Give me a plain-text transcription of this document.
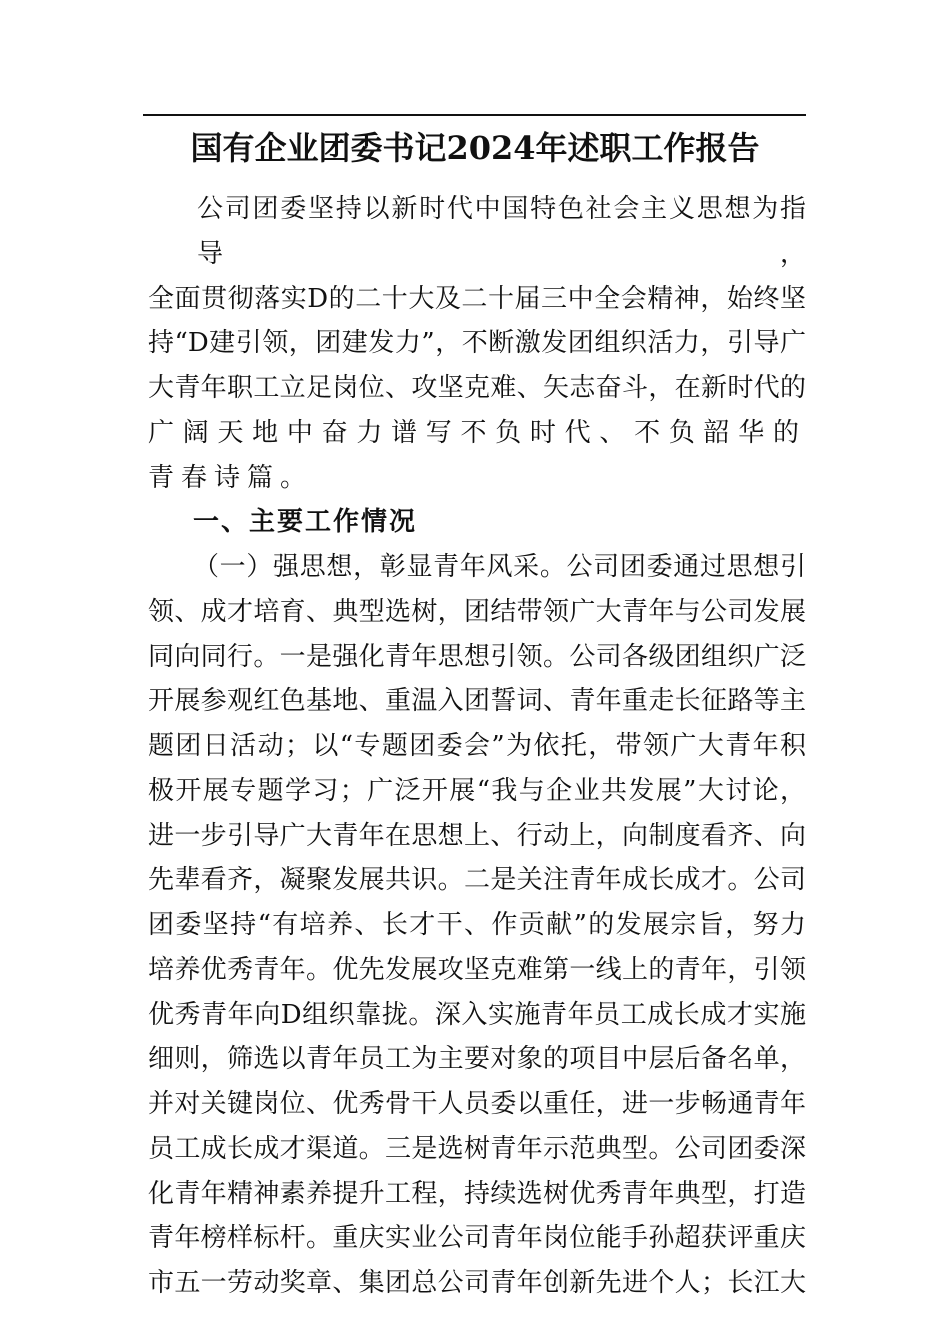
国有企业团委书记2024年述职工作报告
公司团委坚持以新时代中国特色社会主义思想为指导，
全面贯彻落实D的二十大及二十届三中全会精神，始终坚
持“D建引领，团建发力”，不断激发团组织活力，引导广
大青年职工立足岗位、攻坚克难、矢志奋斗，在新时代的
广阔天地中奋力谱写不负时代、不负韶华的青春诗篇。
一、主要工作情况
（一）强思想，彰显青年风采。公司团委通过思想引
领、成才培育、典型选树，团结带领广大青年与公司发展
同向同行。一是强化青年思想引领。公司各级团组织广泛
开展参观红色基地、重温入团誓词、青年重走长征路等主
题团日活动；以“专题团委会”为依托，带领广大青年积
极开展专题学习；广泛开展“我与企业共发展”大讨论，
进一步引导广大青年在思想上、行动上，向制度看齐、向
先辈看齐，凝聚发展共识。二是关注青年成长成才。公司
团委坚持“有培养、长才干、作贡献”的发展宗旨，努力
培养优秀青年。优先发展攻坚克难第一线上的青年，引领
优秀青年向D组织靠拢。深入实施青年员工成长成才实施
细则，筛选以青年员工为主要对象的项目中层后备名单，
并对关键岗位、优秀骨干人员委以重任，进一步畅通青年
员工成长成才渠道。三是选树青年示范典型。公司团委深
化青年精神素养提升工程，持续选树优秀青年典型，打造
青年榜样标杆。重庆实业公司青年岗位能手孙超获评重庆
市五一劳动奖章、集团总公司青年创新先进个人；长江大
